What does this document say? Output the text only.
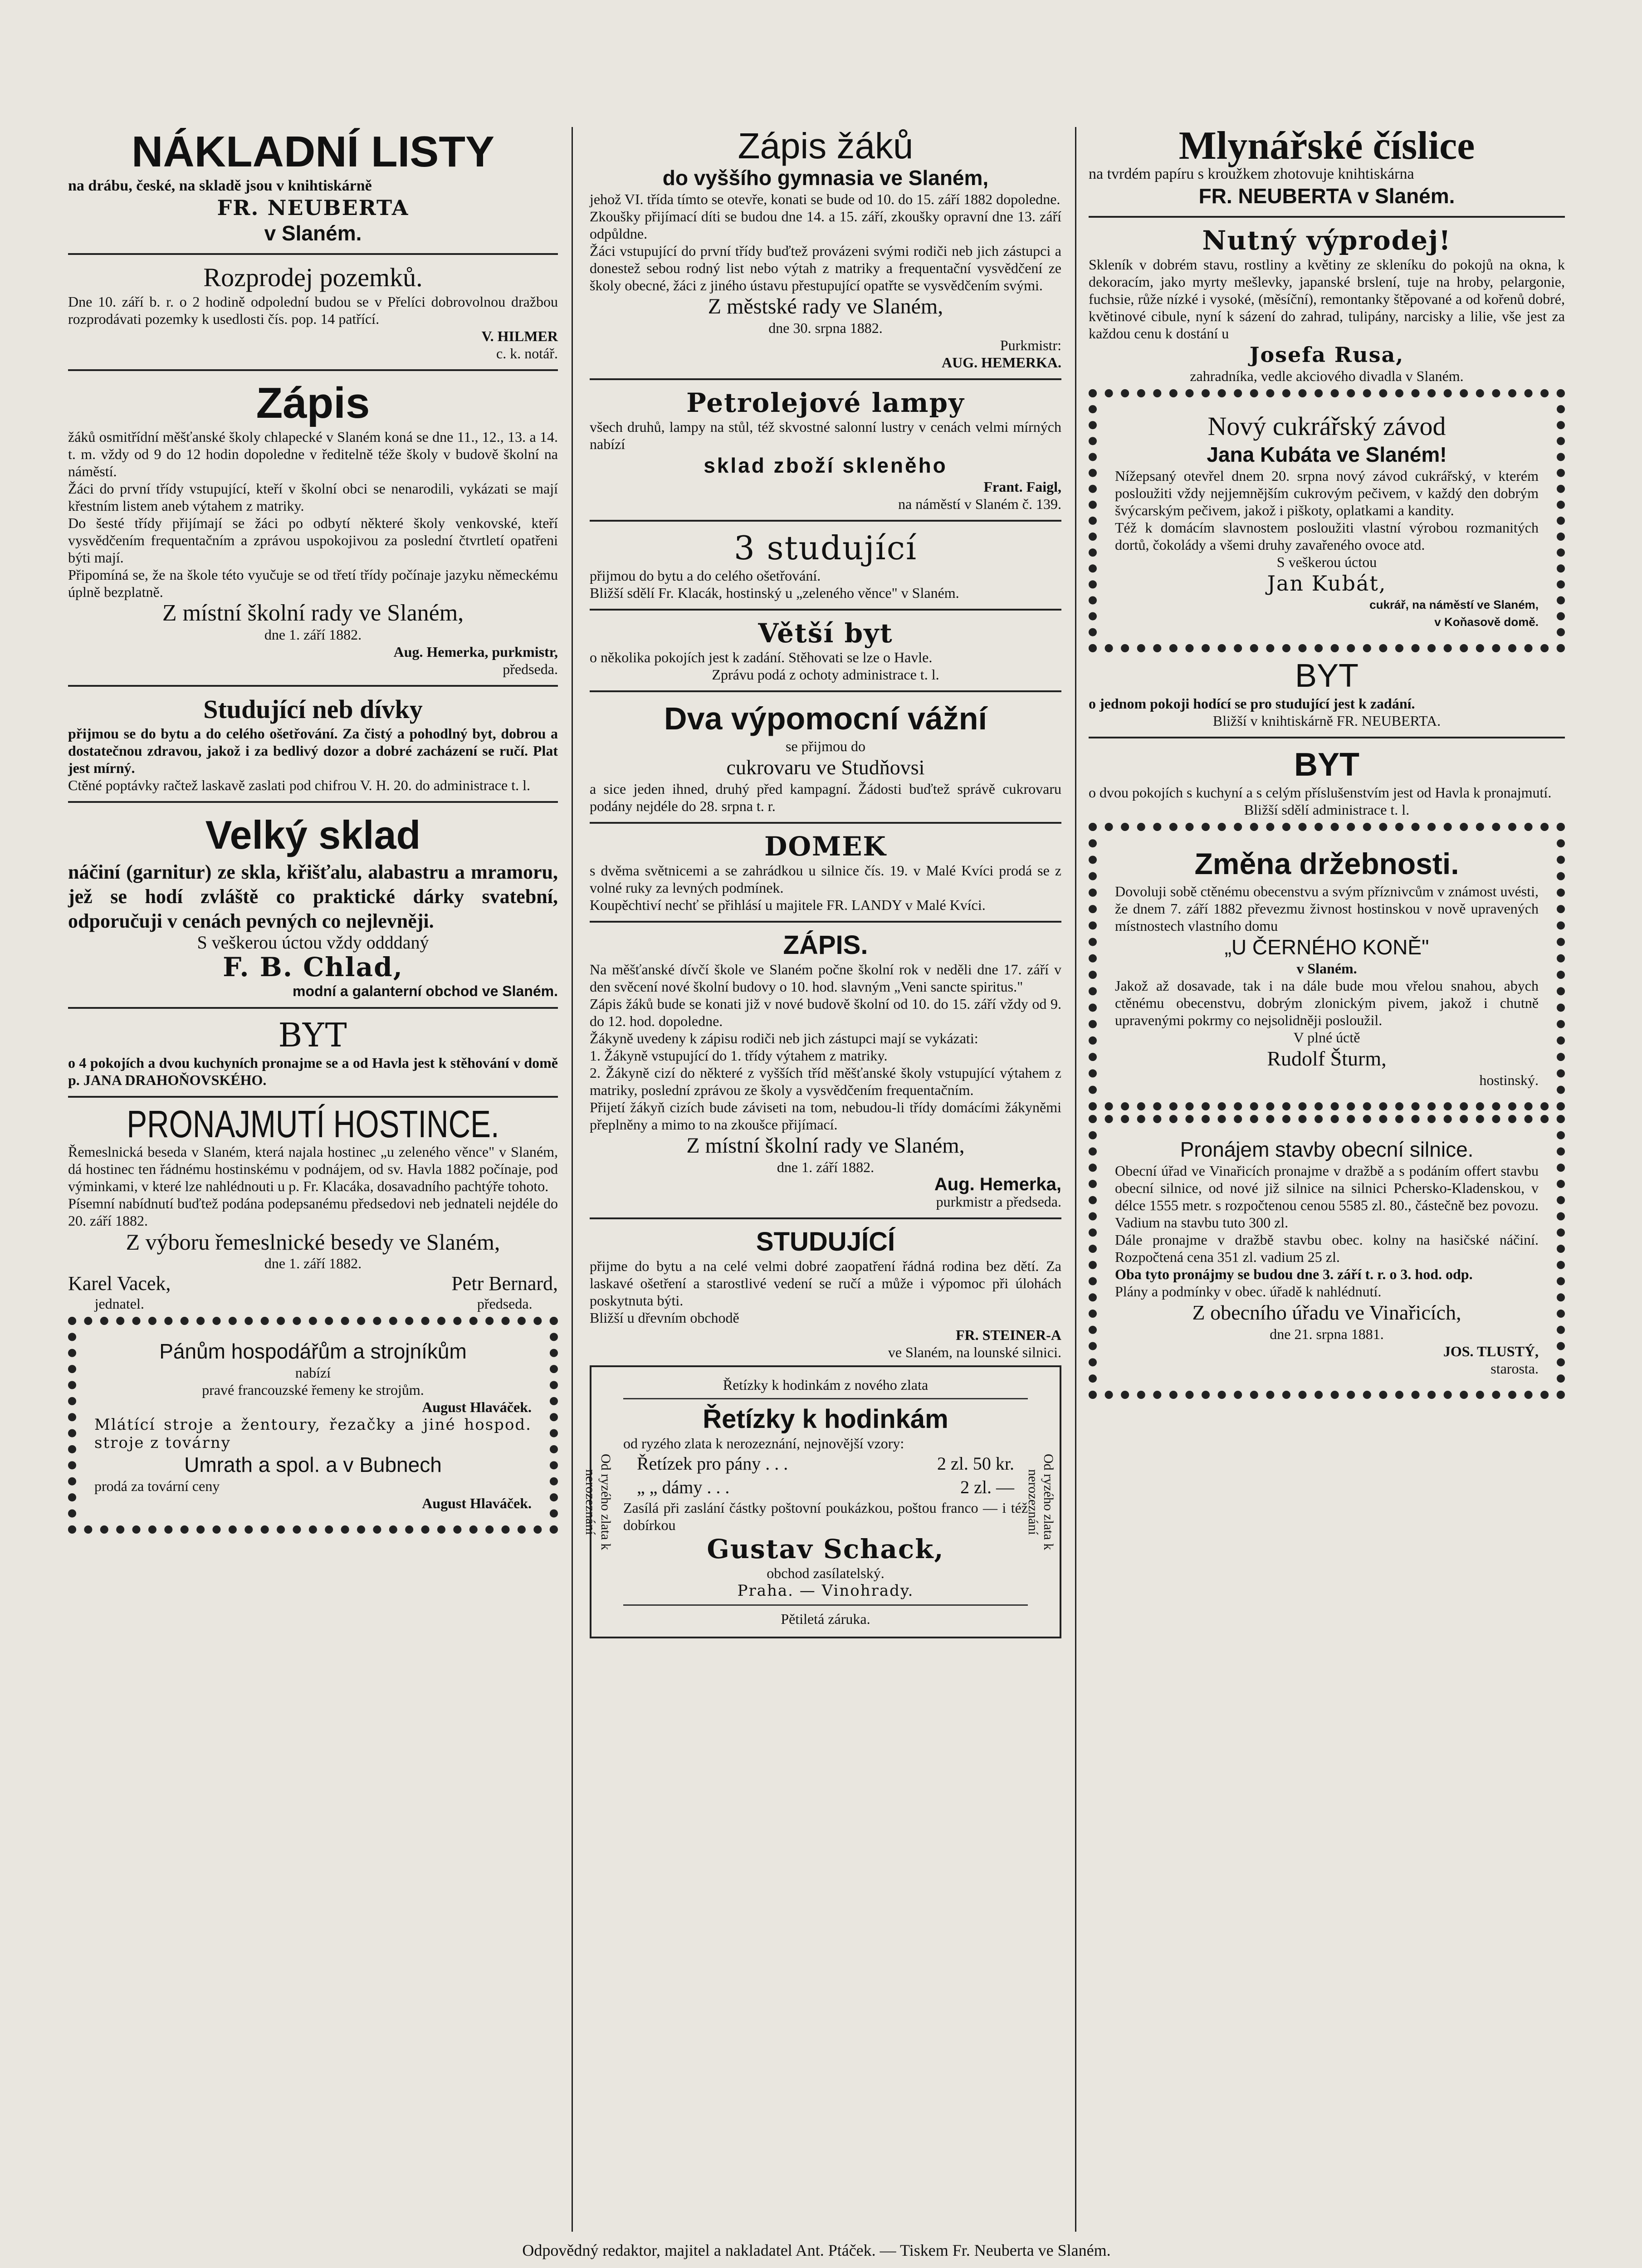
NÁKLADNÍ LISTY

na drábu, české, na skladě jsou v knihtiskárně

FR. NEUBERTA

v Slaném.

Rozprodej pozemků.

Dne 10. září b. r. o 2 hodině odpolední budou se v Přelíci dobrovolnou dražbou rozprodávati pozemky k usedlosti čís. pop. 14 patřící.

V. HILMER

c. k. notář.

Zápis

žáků osmitřídní měšťanské školy chlapecké v Slaném koná se dne 11., 12., 13. a 14. t. m. vždy od 9 do 12 hodin dopoledne v ředitelně téže školy v budově školní na náměstí.

Žáci do první třídy vstupující, kteří v školní obci se nenarodili, vykázati se mají křestním listem aneb výtahem z matriky.

Do šesté třídy přijímají se žáci po odbytí některé školy venkovské, kteří vysvědčením frequentačním a zprávou uspokojivou za poslední čtvrtletí opatřeni býti mají.

Připomíná se, že na škole této vyučuje se od třetí třídy počínaje jazyku německému úplně bezplatně.

Z místní školní rady ve Slaném,

dne 1. září 1882.

Aug. Hemerka, purkmistr,

předseda.

Studující neb dívky

přijmou se do bytu a do celého ošetřování. Za čistý a pohodlný byt, dobrou a dostatečnou zdravou, jakož i za bedlivý dozor a dobré zacházení se ručí. Plat jest mírný.

Ctěné poptávky račtež laskavě zaslati pod chifrou V. H. 20. do administrace t. l.

Velký sklad

náčiní (garnitur) ze skla, křišťalu, alabastru a mramoru, jež se hodí zvláště co praktické dárky svatební, odporučuji v cenách pevných co nejlevněji.

S veškerou úctou vždy odddaný

F. B. Chlad,

modní a galanterní obchod ve Slaném.

BYT

o 4 pokojích a dvou kuchyních pronajme se a od Havla jest k stěhování v domě p. JANA DRAHOŇOVSKÉHO.

PRONAJMUTÍ HOSTINCE.

Řemeslnická beseda v Slaném, která najala hostinec „u zeleného věnce" v Slaném, dá hostinec ten řádnému hostinskému v podnájem, od sv. Havla 1882 počínaje, pod výminkami, v které lze nahlédnouti u p. Fr. Klacáka, dosavadního pachtýře tohoto.

Písemní nabídnutí buďtež podána podepsanému předsedovi neb jednateli nejdéle do 20. září 1882.

Z výboru řemeslnické besedy ve Slaném,

dne 1. září 1882.

Karel Vacek,

jednatel.

Petr Bernard,

předseda.

Pánům hospodářům a strojníkům

nabízí

pravé francouzské řemeny ke strojům.

August Hlaváček.

Mlátící stroje a žentoury, řezačky a jiné hospod. stroje z továrny

Umrath a spol. a v Bubnech

prodá za tovární ceny

August Hlaváček.

Zápis žáků

do vyššího gymnasia ve Slaném,

jehož VI. třída tímto se otevře, konati se bude od 10. do 15. září 1882 dopoledne.

Zkoušky přijímací díti se budou dne 14. a 15. září, zkoušky opravní dne 13. září odpůldne.

Žáci vstupující do první třídy buďtež provázeni svými rodiči neb jich zástupci a donestež sebou rodný list nebo výtah z matriky a frequentační vysvědčení ze školy obecné, žáci z jiného ústavu přestupující opatřte se vysvědčením svými.

Z městské rady ve Slaném,

dne 30. srpna 1882.

Purkmistr:

AUG. HEMERKA.

Petrolejové lampy

všech druhů, lampy na stůl, též skvostné salonní lustry v cenách velmi mírných nabízí

sklad zboží skleněho

Frant. Faigl,

na náměstí v Slaném č. 139.

3 studující

přijmou do bytu a do celého ošetřování.

Bližší sdělí Fr. Klacák, hostinský u „zeleného věnce" v Slaném.

Větší byt

o několika pokojích jest k zadání. Stěhovati se lze o Havle.

Zprávu podá z ochoty administrace t. l.

Dva výpomocní vážní

se přijmou do

cukrovaru ve Studňovsi

a sice jeden ihned, druhý před kampagní. Žádosti buďtež správě cukrovaru podány nejdéle do 28. srpna t. r.

DOMEK

s dvěma světnicemi a se zahrádkou u silnice čís. 19. v Malé Kvíci prodá se z volné ruky za levných podmínek.

Koupěchtiví nechť se přihlásí u majitele FR. LANDY v Malé Kvíci.

ZÁPIS.

Na měšťanské dívčí škole ve Slaném počne školní rok v neděli dne 17. září v den svěcení nové školní budovy o 10. hod. slavným „Veni sancte spiritus."

Zápis žáků bude se konati již v nové budově školní od 10. do 15. září vždy od 9. do 12. hod. dopoledne.

Žákyně uvedeny k zápisu rodiči neb jich zástupci mají se vykázati:

1. Žákyně vstupující do 1. třídy výtahem z matriky.

2. Žákyně cizí do některé z vyšších tříd měšťanské školy vstupující výtahem z matriky, poslední zprávou ze školy a vysvědčením frequentačním.

Přijetí žákyň cizích bude záviseti na tom, nebudou-li třídy domácími žákyněmi přeplněny a mimo to na zkoušce přijímací.

Z místní školní rady ve Slaném,

dne 1. září 1882.

Aug. Hemerka,

purkmistr a předseda.

STUDUJÍCÍ

přijme do bytu a na celé velmi dobré zaopatření řádná rodina bez dětí. Za laskavé ošetření a starostlivé vedení se ručí a může i výpomoc při úlohách poskytnuta býti.

Bližší u dřevním obchodě

FR. STEINER-A

ve Slaném, na lounské silnici.

Od ryzého zlata k nerozeznání	Od ryzého zlata k nerozeznání

Řetízky k hodinkám z nového zlata

Řetízky k hodinkám

od ryzého zlata k nerozeznání, nejnovější vzory:

Řetízek pro pány . . .	2 zl. 50 kr.
„ „ dámy . . .	2 zl. —

Zasílá při zaslání částky poštovní poukázkou, poštou franco — i též dobírkou

Gustav Schack,

obchod zasílatelský.

Praha. — Vinohrady.

Pětiletá záruka.

Mlynářské číslice

na tvrdém papíru s kroužkem zhotovuje knihtiskárna

FR. NEUBERTA v Slaném.

Nutný výprodej!

Skleník v dobrém stavu, rostliny a květiny ze skleníku do pokojů na okna, k dekoracím, jako myrty mešlevky, japanské brslení, tuje na hroby, pelargonie, fuchsie, růže nízké i vysoké, (měsíční), remontanky štěpované a od kořenů dobré, květinové cibule, nyní k sázení do zahrad, tulipány, narcisky a lilie, vše jest za každou cenu k dostání u

Josefa Rusa,

zahradníka, vedle akciového divadla v Slaném.

Nový cukrářský závod

Jana Kubáta ve Slaném!

Nížepsaný otevřel dnem 20. srpna nový závod cukrářský, v kterém posloužiti vždy nejjemnějším cukrovým pečivem, v každý den dobrým švýcarským pečivem, jakož i piškoty, oplatkami a kandity.

Též k domácím slavnostem posloužiti vlastní výrobou rozmanitých dortů, čokolády a všemi druhy zavařeného ovoce atd.

S veškerou úctou

Jan Kubát,

cukrář, na náměstí ve Slaném,

v Koňasově domě.

BYT

o jednom pokoji hodící se pro studující jest k zadání.

Bližší v knihtiskárně FR. NEUBERTA.

BYT

o dvou pokojích s kuchyní a s celým příslušenstvím jest od Havla k pronajmutí.

Bližší sdělí administrace t. l.

Změna držebnosti.

Dovoluji sobě ctěnému obecenstvu a svým příznivcům v známost uvésti, že dnem 7. září 1882 převezmu živnost hostinskou v nově upravených místnostech vlastního domu

„U ČERNÉHO KONĚ"

v Slaném.

Jakož až dosavade, tak i na dále bude mou vřelou snahou, abych ctěnému obecenstvu, dobrým zlonickým pivem, jakož i chutně upravenými pokrmy co nejsolidněji posloužil.

V plné úctě

Rudolf Šturm,

hostinský.

Pronájem stavby obecní silnice.

Obecní úřad ve Vinařicích pronajme v dražbě a s podáním offert stavbu obecní silnice, od nové již silnice na silnici Pchersko-Kladenskou, v délce 1555 metr. s rozpočtenou cenou 5585 zl. 80., částečně bez povozu. Vadium na stavbu tuto 300 zl.

Dále pronajme v dražbě stavbu obec. kolny na hasičské náčiní. Rozpočtená cena 351 zl. vadium 25 zl.

Oba tyto pronájmy se budou dne 3. září t. r. o 3. hod. odp.

Plány a podmínky v obec. úřadě k nahlédnutí.

Z obecního úřadu ve Vinařicích,

dne 21. srpna 1881.

JOS. TLUSTÝ,

starosta.

Odpovědný redaktor, majitel a nakladatel Ant. Ptáček. — Tiskem Fr. Neuberta ve Slaném.
